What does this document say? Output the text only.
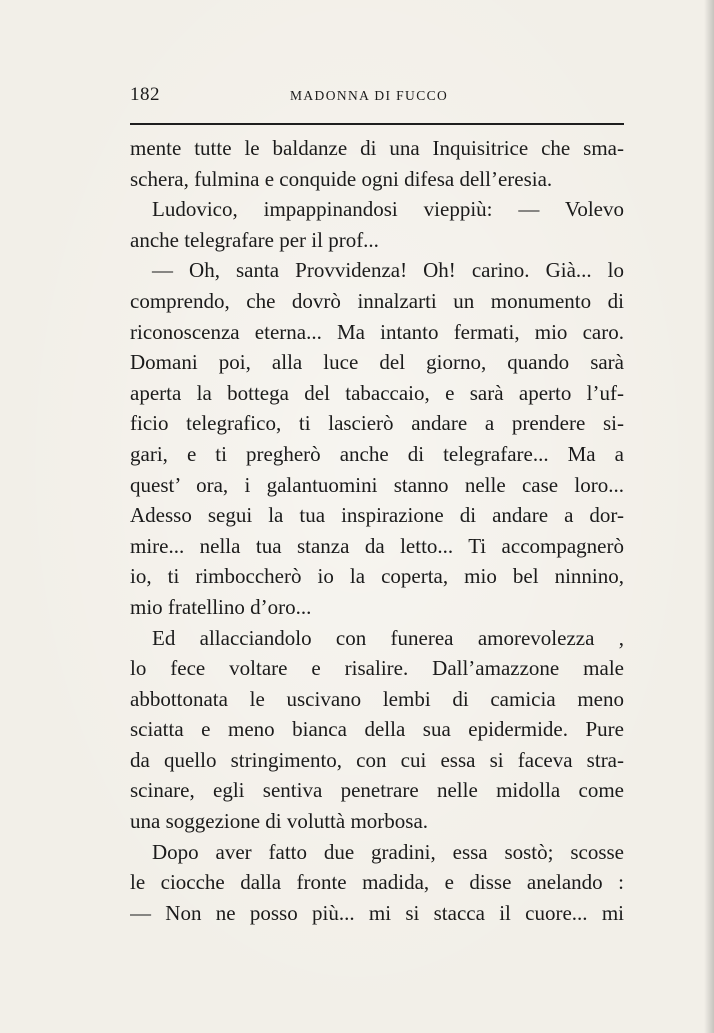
182	MADONNA DI FUCCO
mente tutte le baldanze di una Inquisitrice che sma-
schera, fulmina e conquide ogni difesa dell’eresia.
Ludovico, impappinandosi vieppiù: — Volevo
anche telegrafare per il prof...
— Oh, santa Provvidenza! Oh! carino. Già... lo
comprendo, che dovrò innalzarti un monumento di
riconoscenza eterna... Ma intanto fermati, mio caro.
Domani poi, alla luce del giorno, quando sarà
aperta la bottega del tabaccaio, e sarà aperto l’uf-
ficio telegrafico, ti lascierò andare a prendere si-
gari, e ti pregherò anche di telegrafare... Ma a
quest’ ora, i galantuomini stanno nelle case loro...
Adesso segui la tua inspirazione di andare a dor-
mire... nella tua stanza da letto... Ti accompagnerò
io, ti rimboccherò io la coperta, mio bel ninnino,
mio fratellino d’oro...
Ed allacciandolo con funerea amorevolezza ,
lo fece voltare e risalire. Dall’amazzone male
abbottonata le uscivano lembi di camicia meno
sciatta e meno bianca della sua epidermide. Pure
da quello stringimento, con cui essa si faceva stra-
scinare, egli sentiva penetrare nelle midolla come
una soggezione di voluttà morbosa.
Dopo aver fatto due gradini, essa sostò; scosse
le ciocche dalla fronte madida, e disse anelando :
— Non ne posso più... mi si stacca il cuore... mi
